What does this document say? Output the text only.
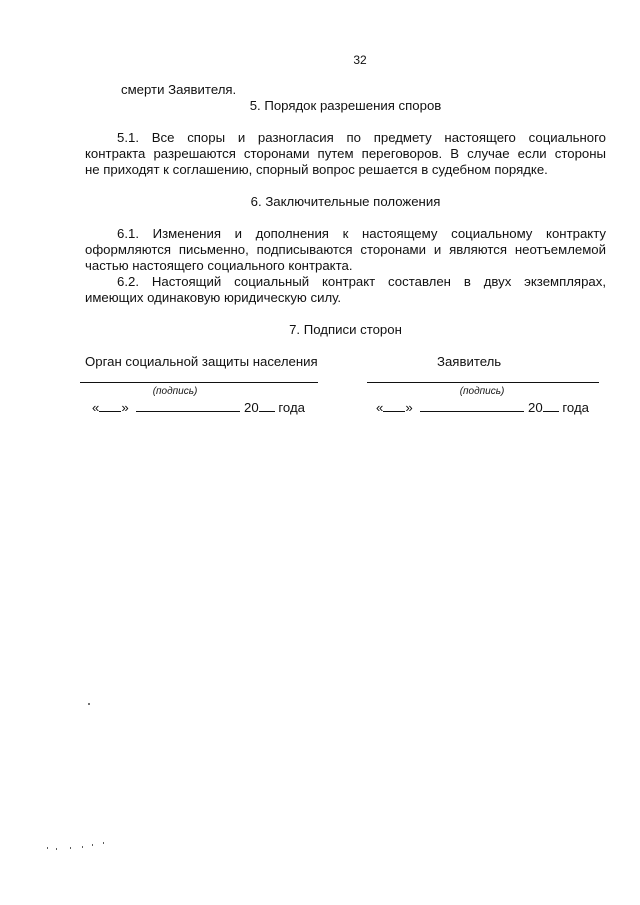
32
смерти Заявителя.
5. Порядок разрешения споров
5.1. Все споры и разногласия по предмету настоящего социального
контракта разрешаются сторонами путем переговоров. В случае если стороны
не приходят к соглашению, спорный вопрос решается в судебном порядке.
6. Заключительные положения
6.1. Изменения и дополнения к настоящему социальному контракту
оформляются письменно, подписываются сторонами и являются неотъемлемой
частью настоящего социального контракта.
6.2. Настоящий социальный контракт составлен в двух экземплярах,
имеющих одинаковую юридическую силу.
7. Подписи сторон
Орган социальной защиты населения
(подпись)
« »	20 года
Заявитель
(подпись)
« »	20 года
